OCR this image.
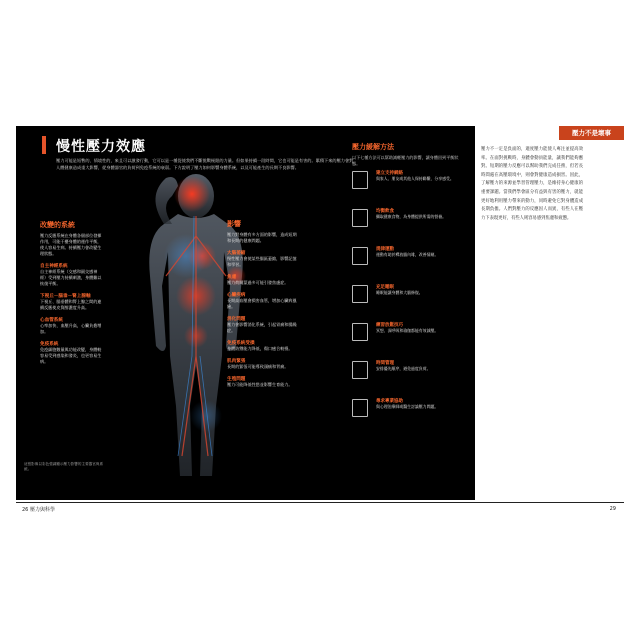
慢性壓力效應
壓力可能是短暫的、情境性的，來且可以激發行動，它可以是一種促使我們不斷挑戰極限的力量。但如果持續一段時間，它也可能是有害的。累積下來的壓力會對人體健康造成重大影響，從身體器官的負荷到免疫系統的衰弱。下方說明了壓力如何影響身體系統，以及可能產生的長期不良影響。
改變的系統
壓力反應系統在身體各個部位發揮作用，可能干擾身體的運作平衡，使人容易生病。持續壓力會改變生理狀態。
自主神經系統
自主神經系統（交感和副交感神經）受到壓力持續刺激，身體難以恢復平衡。
下視丘－腦垂－腎上腺軸
下視丘、腦垂體和腎上腺之間的連續反應使皮質醇濃度升高。
心血管系統
心率加快、血壓升高，心臟負擔增加。
免疫系統
免疫細胞數量與功能改變，身體較容易受到感染和發炎，也更容易生病。
影響
壓力對身體有多方面的影響，造成短期和長期的健康問題。
大腦萎縮
慢性壓力會使某些腦區萎縮，影響記憶和學習。
焦慮
壓力荷爾蒙過多可能引發焦慮症。
心臟疾病
長期高血壓會損害血管，增加心臟病風險。
消化問題
壓力會影響消化系統，引起胃痛和腸躁症。
免疫系統受損
身體防禦能力降低，傷口癒合較慢。
肌肉緊張
長期的緊張可能導致頭痛和背痛。
生殖問題
壓力可能降低性慾並影響生育能力。
這張影像以彩色強調顯示壓力影響的主要器官與系統。
壓力緩解方法
以下七種方法可以幫助減輕壓力的影響，讓身體回到平衡狀態。
建立支持網絡
與家人、朋友或其他人保持聯繫，分享感受。
均衡飲食
攝取健康食物，為身體提供所需的營養。
規律運動
運動有助於釋放腦內啡，改善情緒。
充足睡眠
睡眠能讓身體和大腦修復。
練習放鬆技巧
冥想、深呼吸和瑜伽都能有效減壓。
時間管理
安排優先順序，避免過度負荷。
尋求專業協助
與心理治療師或醫生討論壓力問題。
壓力不是壞事
壓力不一定是負面的，適度壓力能使人專注並提高效率。在面對挑戰時，身體會動員能量，讓我們能夠應對。短期的壓力反應可以幫助我們完成任務，但若長時間處在高壓環境中，則會對健康造成損害。因此，了解壓力的來源並學習管理壓力，是維持身心健康的重要課題。當我們學會區分有益與有害的壓力，就能更好地利用壓力帶來的動力，同時避免它對身體造成長期負擔。人們對壓力的反應因人而異，有些人在壓力下表現更好，有些人則容易感到焦慮和疲憊。
26 壓力與科學	29
